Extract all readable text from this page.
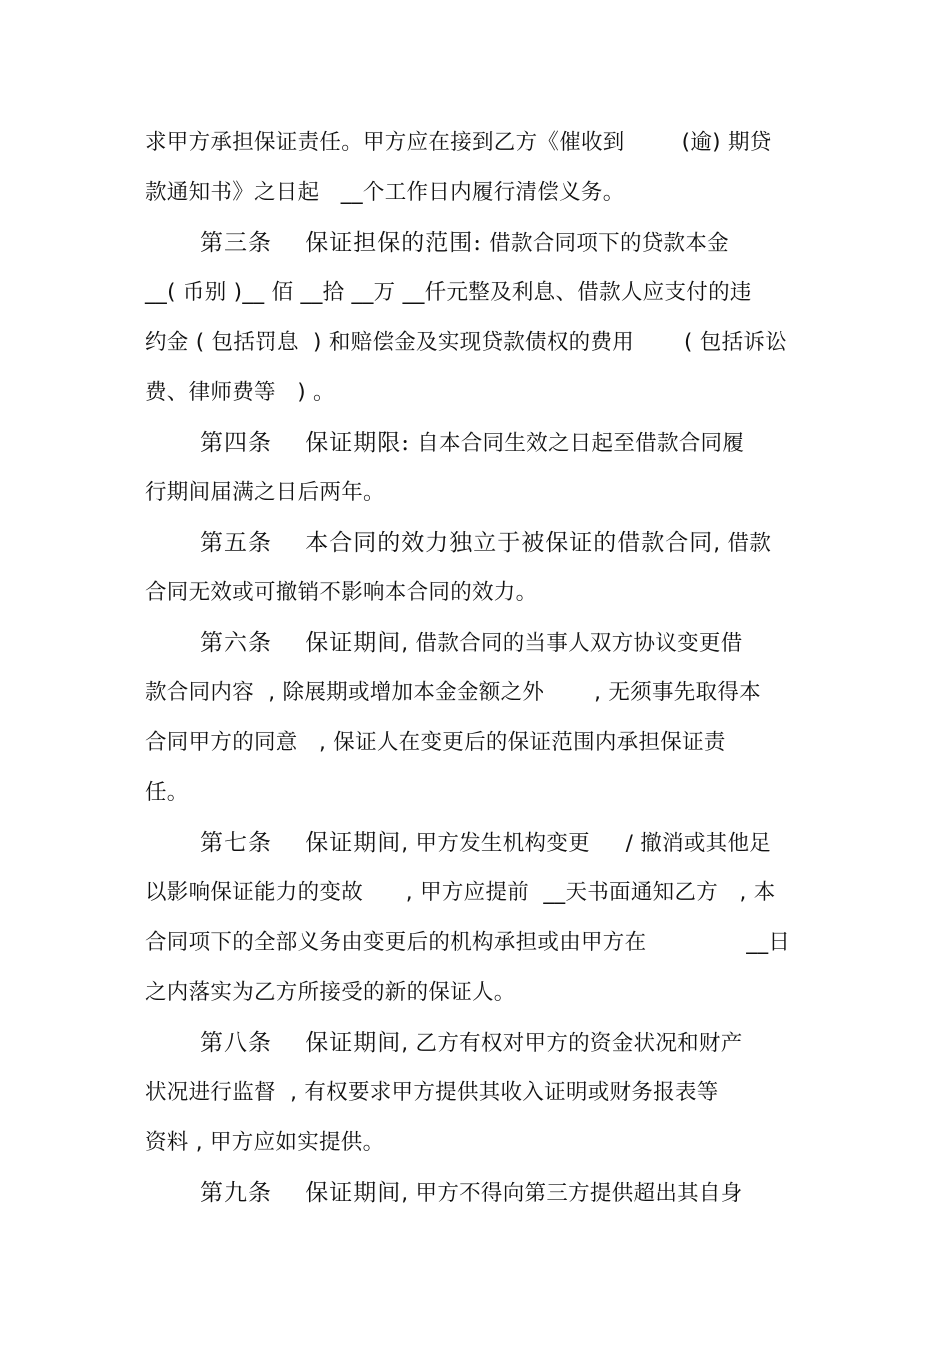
求甲方承担保证责任。甲方应在接到乙方《催收到        (逾) 期贷
款通知书》之日起   __个工作日内履行清偿义务。
第三条    保证担保的范围: 借款合同项下的贷款本金
__( 币别 )__ 佰 __拾 __万 __仟元整及利息、借款人应支付的违
约金 ( 包括罚息  ) 和赔偿金及实现贷款债权的费用       ( 包括诉讼
费、律师费等   ) 。
第四条    保证期限: 自本合同生效之日起至借款合同履
行期间届满之日后两年。
第五条    本合同的效力独立于被保证的借款合同, 借款
合同无效或可撤销不影响本合同的效力。
第六条    保证期间, 借款合同的当事人双方协议变更借
款合同内容  , 除展期或增加本金金额之外       , 无须事先取得本
合同甲方的同意   , 保证人在变更后的保证范围内承担保证责
任。
第七条    保证期间, 甲方发生机构变更     / 撤消或其他足
以影响保证能力的变故      , 甲方应提前  __天书面通知乙方   , 本
合同项下的全部义务由变更后的机构承担或由甲方在              __日
之内落实为乙方所接受的新的保证人。
第八条    保证期间, 乙方有权对甲方的资金状况和财产
状况进行监督  , 有权要求甲方提供其收入证明或财务报表等
资料 , 甲方应如实提供。
第九条    保证期间, 甲方不得向第三方提供超出其自身
